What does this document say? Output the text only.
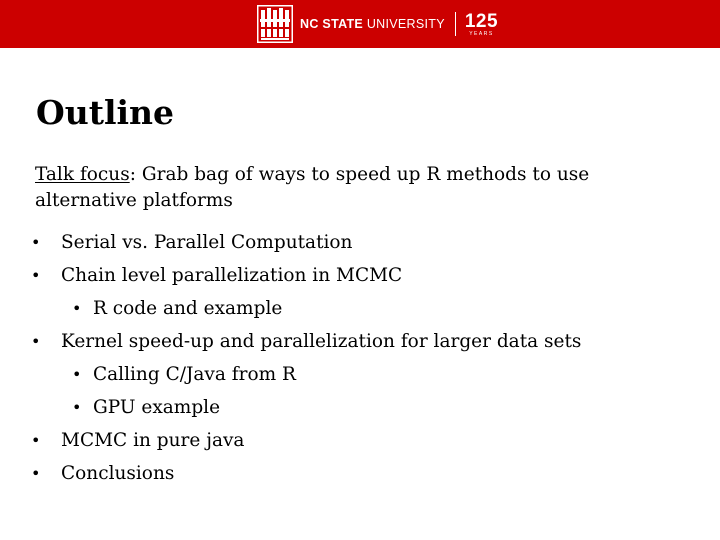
NC STATE UNIVERSITY 125
YEARS
Outline

Talk focus: Grab bag of ways to speed up R methods to use alternative platforms

• Serial vs. Parallel Computation
• Chain level parallelization in MCMC
• R code and example
• Kernel speed-up and parallelization for larger data sets
• Calling C/Java from R
• GPU example
• MCMC in pure java
• Conclusions
